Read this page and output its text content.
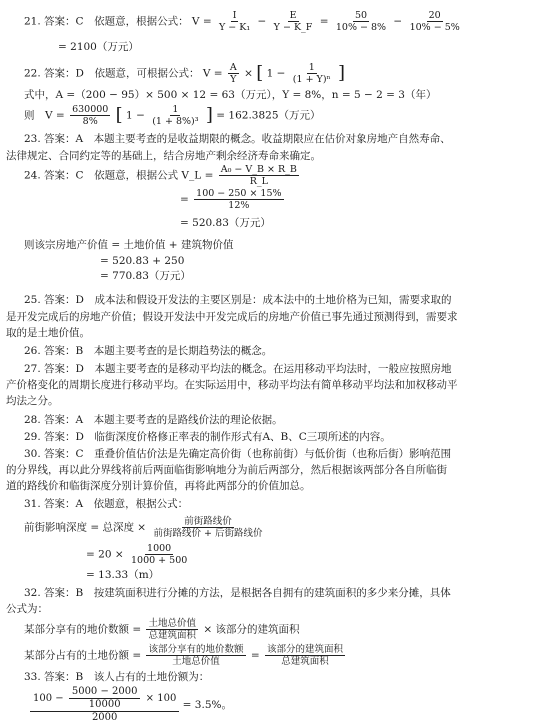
21. 答案：C　依题意，根据公式： $V = \frac{I}{\text{Y − K₁}} - \frac{E}{Y - K\_F} = \frac{50}{10\% - 8\%} - \frac{20}{10\% - 5\%}$
= 2100（万元）
22. 答案：D　依题意，可根据公式： $V = \frac{A}{Y}$ × [ $1 - \frac{1}{\text{(1 + Y)ⁿ}}$ ]
式中，A =（200 − 95）× 500 × 12 = 63（万元），Y = 8%，n = 5 − 2 = 3（年）
则　$V = \frac{630000}{8\%}$ [ $1 - \frac{1}{\text{(1 + 8\%)³}}$ ] = 162.3825（万元）
23. 答案：A　本题主要考查的是收益期限的概念。收益期限应在估价对象房地产自然寿命、
法律规定、合同约定等的基础上，结合房地产剩余经济寿命来确定。
24. 答案：C　依题意，根据公式 V_L = $\frac{\text{A₀ − V\_B × R\_B}}{R\_L}$
= $\frac{100 - 250 \times 15\%}{12\%}$
= 520.83（万元）
则该宗房地产价值 = 土地价值 + 建筑物价值
= 520.83 + 250
= 770.83（万元）
25. 答案：D　成本法和假设开发法的主要区别是：成本法中的土地价格为已知，需要求取的
是开发完成后的房地产价值；假设开发法中开发完成后的房地产价值已事先通过预测得到，需要求
取的是土地价值。
26. 答案：B　本题主要考查的是长期趋势法的概念。
27. 答案：D　本题主要考查的是移动平均法的概念。在运用移动平均法时，一般应按照房地
产价格变化的周期长度进行移动平均。在实际运用中，移动平均法有简单移动平均法和加权移动平
均法之分。
28. 答案：A　本题主要考查的是路线价法的理论依据。
29. 答案：D　临街深度价格修正率表的制作形式有A、B、C三项所述的内容。
30. 答案：C　重叠价值估价法是先确定高价街（也称前街）与低价街（也称后街）影响范围
的分界线，再以此分界线将前后两面临街影响地分为前后两部分，然后根据该两部分各自所临街
道的路线价和临街深度分别计算价值，再将此两部分的价值加总。
31. 答案：A　依题意，根据公式：
前街影响深度 = 总深度 × $\frac{\text{前街路线价}}{\text{前街路线价 + 后街路线价}}$
= $20 \times \frac{1000}{1000 + 500}$
= 13.33（m）
32. 答案：B　按建筑面积进行分摊的方法，是根据各自拥有的建筑面积的多少来分摊，具体
公式为：
某部分享有的地价数额 = $\frac{\text{土地总价值}}{\text{总建筑面积}}$ × 该部分的建筑面积
某部分占有的土地份额 = $\frac{\text{该部分享有的地价数额}}{\text{土地总价值}} = \frac{\text{该部分的建筑面积}}{\text{总建筑面积}}$
33. 答案：B　该人占有的土地份额为：
$\frac{100 - \frac{5000 - 2000}{10000} \times 100}{2000} = 3.5\%$。
